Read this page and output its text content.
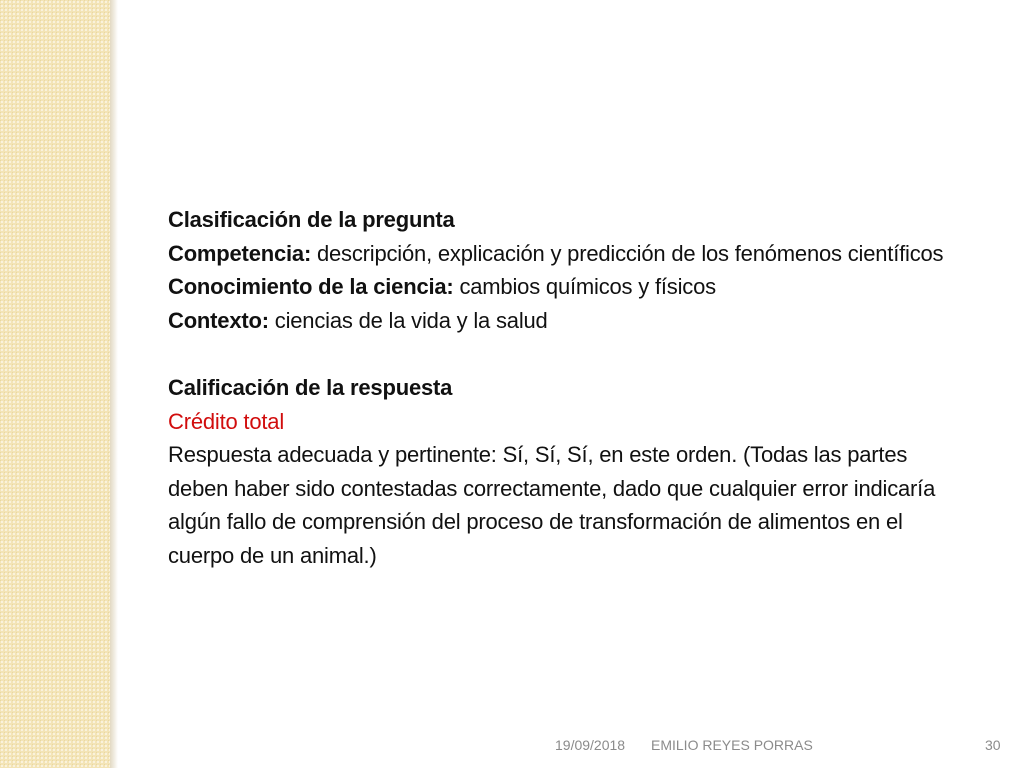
Clasificación de la pregunta

Competencia: descripción, explicación y predicción de los fenómenos científicos

Conocimiento de la ciencia: cambios químicos y físicos

Contexto: ciencias de la vida y la salud

Calificación de la respuesta

Crédito total

Respuesta adecuada y pertinente: Sí, Sí, Sí, en este orden. (Todas las partes deben haber sido contestadas correctamente, dado que cualquier error indicaría algún fallo de comprensión del proceso de transformación de alimentos en el cuerpo de un animal.)

19/09/2018 EMILIO REYES PORRAS	30
